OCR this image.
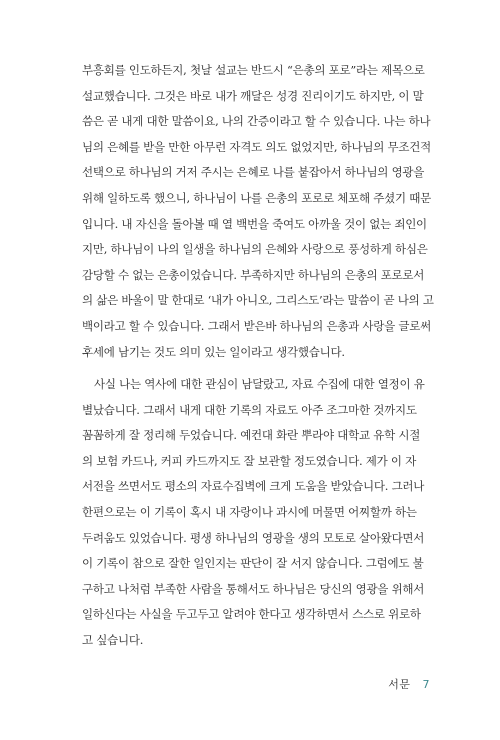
부흥회를 인도하든지, 첫날 설교는 반드시 “은총의 포로”라는 제목으로
설교했습니다. 그것은 바로 내가 깨달은 성경 진리이기도 하지만, 이 말
씀은 곧 내게 대한 말씀이요, 나의 간증이라고 할 수 있습니다. 나는 하나
님의 은혜를 받을 만한 아무런 자격도 의도 없었지만, 하나님의 무조건적
선택으로 하나님의 거저 주시는 은혜로 나를 붙잡아서 하나님의 영광을
위해 일하도록 했으니, 하나님이 나를 은총의 포로로 체포해 주셨기 때문
입니다. 내 자신을 돌아볼 때 열 백번을 죽여도 아까울 것이 없는 죄인이
지만, 하나님이 나의 일생을 하나님의 은혜와 사랑으로 풍성하게 하심은
감당할 수 없는 은총이었습니다. 부족하지만 하나님의 은총의 포로로서
의 삶은 바울이 말 한대로 ‘내가 아니오, 그리스도’라는 말씀이 곧 나의 고
백이라고 할 수 있습니다. 그래서 받은바 하나님의 은총과 사랑을 글로써
후세에 남기는 것도 의미 있는 일이라고 생각했습니다.
사실 나는 역사에 대한 관심이 남달랐고, 자료 수집에 대한 열정이 유
별났습니다. 그래서 내게 대한 기록의 자료도 아주 조그마한 것까지도
꼼꼼하게 잘 정리해 두었습니다. 예컨대 화란 뿌라야 대학교 유학 시절
의 보험 카드나, 커피 카드까지도 잘 보관할 정도였습니다. 제가 이 자
서전을 쓰면서도 평소의 자료수집벽에 크게 도움을 받았습니다. 그러나
한편으로는 이 기록이 혹시 내 자랑이나 과시에 머물면 어찌할까 하는
두려움도 있었습니다. 평생 하나님의 영광을 생의 모토로 살아왔다면서
이 기록이 참으로 잘한 일인지는 판단이 잘 서지 않습니다. 그럼에도 불
구하고 나처럼 부족한 사람을 통해서도 하나님은 당신의 영광을 위해서
일하신다는 사실을 두고두고 알려야 한다고 생각하면서 스스로 위로하
고 싶습니다.
서문 7
